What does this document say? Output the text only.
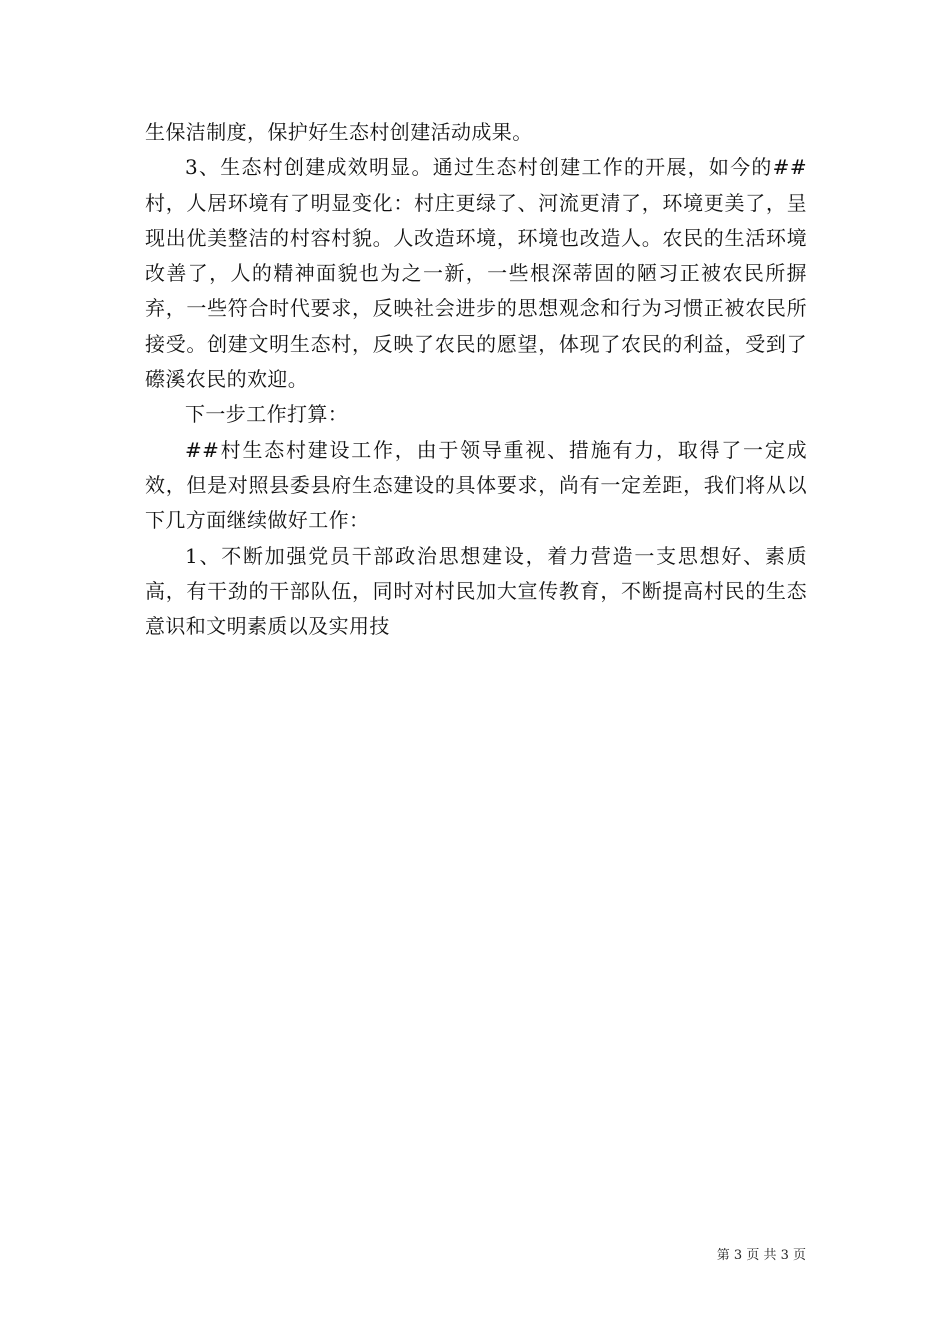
生保洁制度，保护好生态村创建活动成果。

3、生态村创建成效明显。通过生态村创建工作的开展，如今的##村，人居环境有了明显变化：村庄更绿了、河流更清了，环境更美了，呈现出优美整洁的村容村貌。人改造环境，环境也改造人。农民的生活环境改善了，人的精神面貌也为之一新，一些根深蒂固的陋习正被农民所摒弃，一些符合时代要求，反映社会进步的思想观念和行为习惯正被农民所接受。创建文明生态村，反映了农民的愿望，体现了农民的利益，受到了礤溪农民的欢迎。

下一步工作打算：

##村生态村建设工作，由于领导重视、措施有力，取得了一定成效，但是对照县委县府生态建设的具体要求，尚有一定差距，我们将从以下几方面继续做好工作：

1、不断加强党员干部政治思想建设，着力营造一支思想好、素质高，有干劲的干部队伍，同时对村民加大宣传教育，不断提高村民的生态意识和文明素质以及实用技

第 3 页 共 3 页
